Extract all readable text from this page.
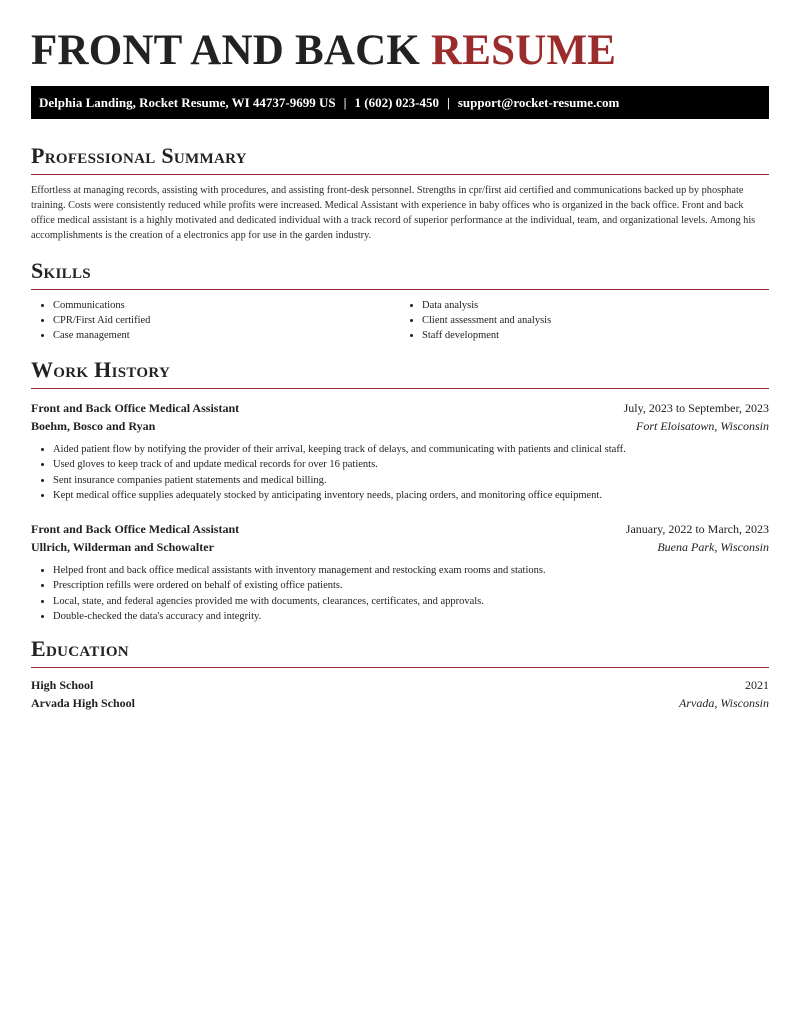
FRONT AND BACK RESUME
Delphia Landing, Rocket Resume, WI 44737-9699 US | 1 (602) 023-450 | support@rocket-resume.com
Professional Summary

Effortless at managing records, assisting with procedures, and assisting front-desk personnel. Strengths in cpr/first aid certified and communications backed up by phosphate training. Costs were consistently reduced while profits were increased. Medical Assistant with experience in baby offices who is organized in the back office. Front and back office medical assistant is a highly motivated and dedicated individual with a track record of superior performance at the individual, team, and organizational levels. Among his accomplishments is the creation of a electronics app for use in the garden industry.

Skills
• Communications
• CPR/First Aid certified
• Case management
• Data analysis
• Client assessment and analysis
• Staff development
Work History
Front and Back Office Medical Assistant	July, 2023 to September, 2023
Boehm, Bosco and Ryan	Fort Eloisatown, Wisconsin
• Aided patient flow by notifying the provider of their arrival, keeping track of delays, and communicating with patients and clinical staff.
• Used gloves to keep track of and update medical records for over 16 patients.
• Sent insurance companies patient statements and medical billing.
• Kept medical office supplies adequately stocked by anticipating inventory needs, placing orders, and monitoring office equipment.
Front and Back Office Medical Assistant	January, 2022 to March, 2023
Ullrich, Wilderman and Schowalter	Buena Park, Wisconsin
• Helped front and back office medical assistants with inventory management and restocking exam rooms and stations.
• Prescription refills were ordered on behalf of existing office patients.
• Local, state, and federal agencies provided me with documents, clearances, certificates, and approvals.
• Double-checked the data's accuracy and integrity.
Education
High School	2021
Arvada High School	Arvada, Wisconsin
